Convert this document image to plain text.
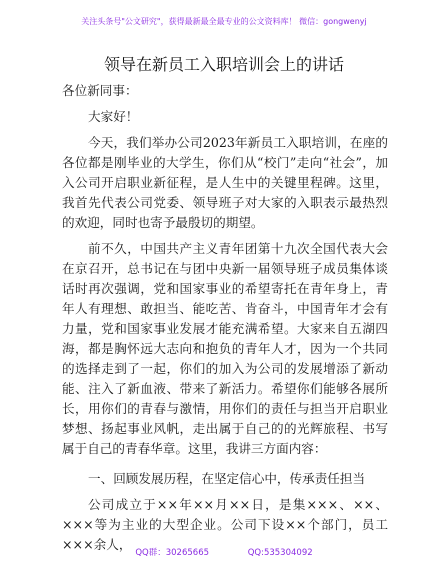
关注头条号"公文研究"，获得最新最全最专业的公文资料库！ 微信：gongwenyj
领导在新员工入职培训会上的讲话
各位新同事：
大家好！
今天，我们举办公司2023年新员工入职培训，在座的各位都是刚毕业的大学生，你们从“校门”走向“社会”，加入公司开启职业新征程，是人生中的关键里程碑。这里，我首先代表公司党委、领导班子对大家的入职表示最热烈的欢迎，同时也寄予最殷切的期望。
前不久，中国共产主义青年团第十九次全国代表大会在京召开，总书记在与团中央新一届领导班子成员集体谈话时再次强调，党和国家事业的希望寄托在青年身上，青年人有理想、敢担当、能吃苦、肯奋斗，中国青年才会有力量，党和国家事业发展才能充满希望。大家来自五湖四海，都是胸怀远大志向和抱负的青年人才，因为一个共同的选择走到了一起，你们的加入为公司的发展增添了新动能、注入了新血液、带来了新活力。希望你们能够各展所长，用你们的青春与激情，用你们的责任与担当开启职业梦想、扬起事业风帆，走出属于自己的的光辉旅程、书写属于自己的青春华章。这里，我讲三方面内容：
一、回顾发展历程，在坚定信心中，传承责任担当
公司成立于××年××月××日，是集×××、××、×××等为主业的大型企业。公司下设××个部门，员工×××余人，
QQ群：30265665	QQ:535304092
